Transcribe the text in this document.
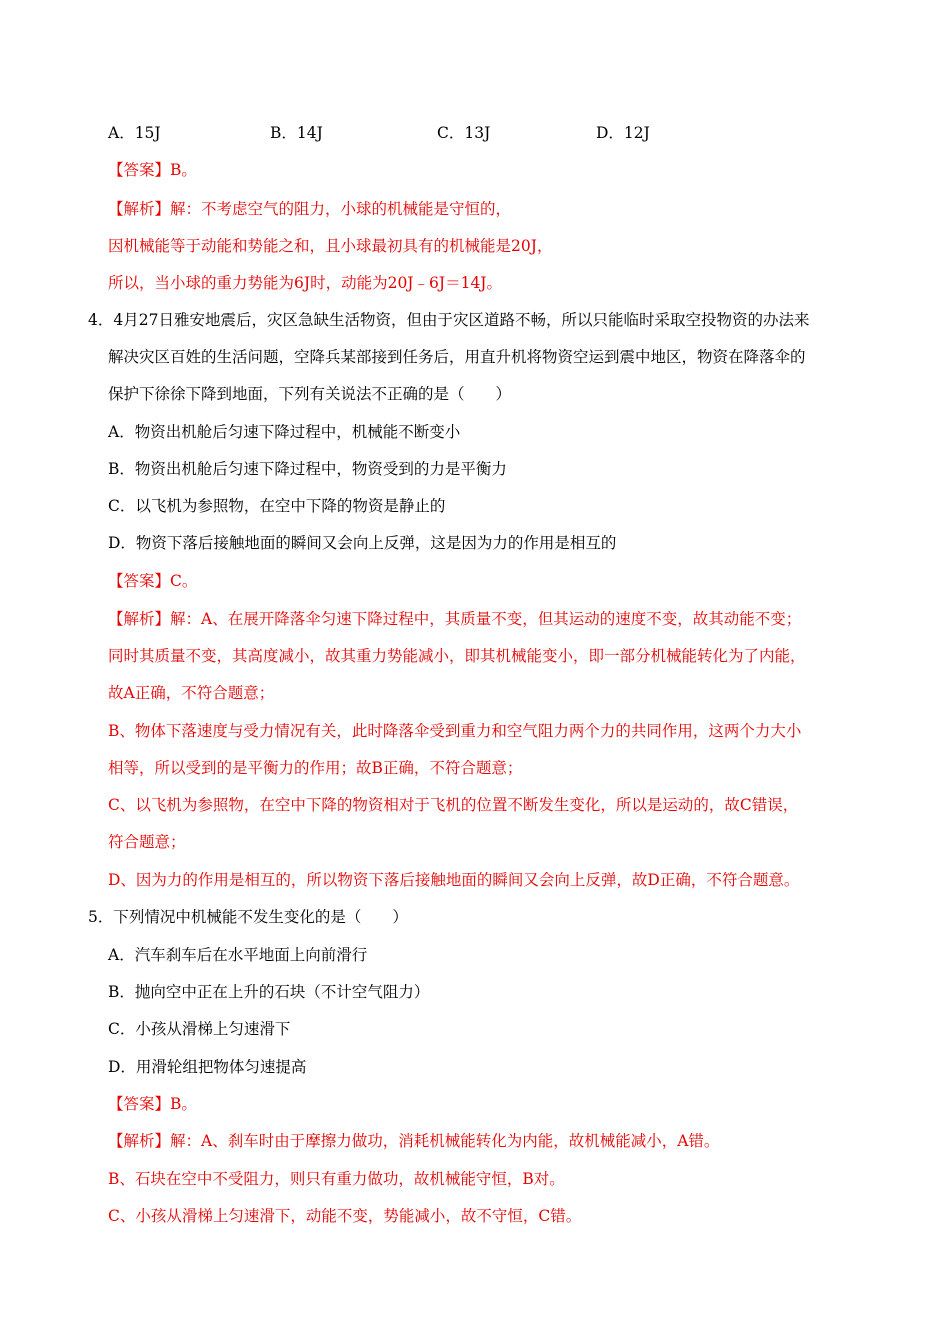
A．15J	B．14J	C．13J	D．12J
【答案】B。
【解析】解：不考虑空气的阻力，小球的机械能是守恒的，
因机械能等于动能和势能之和，且小球最初具有的机械能是20J，
所以，当小球的重力势能为6J时，动能为20J﹣6J＝14J。
4．4月27日雅安地震后，灾区急缺生活物资，但由于灾区道路不畅，所以只能临时采取空投物资的办法来
解决灾区百姓的生活问题，空降兵某部接到任务后，用直升机将物资空运到震中地区，物资在降落伞的
保护下徐徐下降到地面，下列有关说法不正确的是（　　）
A．物资出机舱后匀速下降过程中，机械能不断变小
B．物资出机舱后匀速下降过程中，物资受到的力是平衡力
C．以飞机为参照物，在空中下降的物资是静止的
D．物资下落后接触地面的瞬间又会向上反弹，这是因为力的作用是相互的
【答案】C。
【解析】解：A、在展开降落伞匀速下降过程中，其质量不变，但其运动的速度不变，故其动能不变；
同时其质量不变，其高度减小，故其重力势能减小，即其机械能变小，即一部分机械能转化为了内能，
故A正确，不符合题意；
B、物体下落速度与受力情况有关，此时降落伞受到重力和空气阻力两个力的共同作用，这两个力大小
相等，所以受到的是平衡力的作用；故B正确，不符合题意；
C、以飞机为参照物，在空中下降的物资相对于飞机的位置不断发生变化，所以是运动的，故C错误，
符合题意；
D、因为力的作用是相互的，所以物资下落后接触地面的瞬间又会向上反弹，故D正确，不符合题意。
5．下列情况中机械能不发生变化的是（　　）
A．汽车刹车后在水平地面上向前滑行
B．抛向空中正在上升的石块（不计空气阻力）
C．小孩从滑梯上匀速滑下
D．用滑轮组把物体匀速提高
【答案】B。
【解析】解：A、刹车时由于摩擦力做功，消耗机械能转化为内能，故机械能减小，A错。
B、石块在空中不受阻力，则只有重力做功，故机械能守恒，B对。
C、小孩从滑梯上匀速滑下，动能不变，势能减小，故不守恒，C错。
